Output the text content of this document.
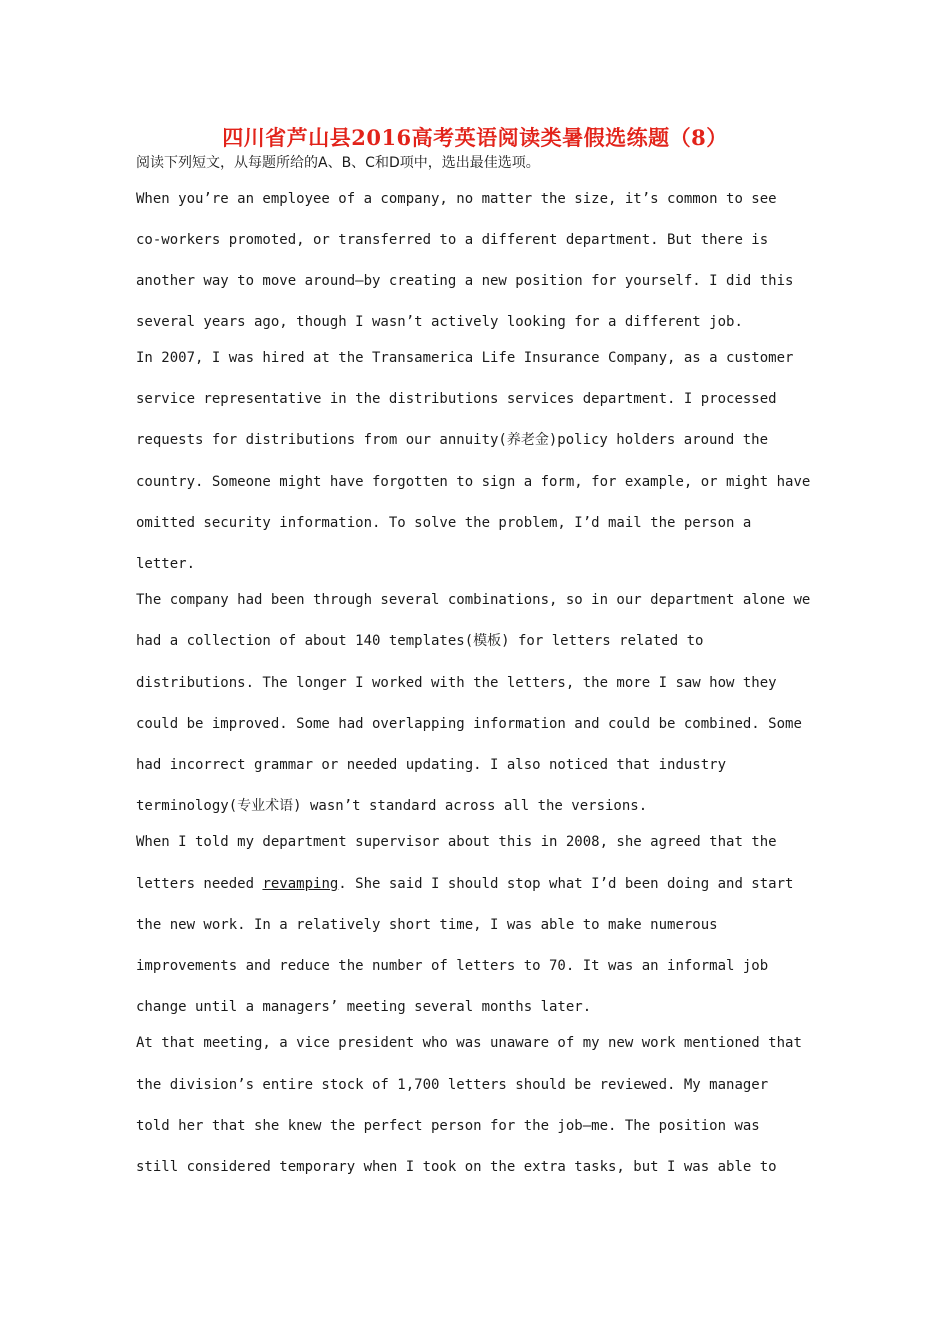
四川省芦山县2016高考英语阅读类暑假选练题（8）
阅读下列短文，从每题所给的A、B、C和D项中，选出最佳选项。
When you’re an employee of a company, no matter the size, it’s common to see
co-workers promoted, or transferred to a different department. But there is
another way to move around—by creating a new position for yourself. I did this
several years ago, though I wasn’t actively looking for a different job.
In 2007, I was hired at the Transamerica Life Insurance Company, as a customer
service representative in the distributions services department. I processed
requests for distributions from our annuity(养老金)policy holders around the
country. Someone might have forgotten to sign a form, for example, or might have
omitted security information. To solve the problem, I’d mail the person a
letter.
The company had been through several combinations, so in our department alone we
had a collection of about 140 templates(模板) for letters related to
distributions. The longer I worked with the letters, the more I saw how they
could be improved. Some had overlapping information and could be combined. Some
had incorrect grammar or needed updating. I also noticed that industry
terminology(专业术语) wasn’t standard across all the versions.
When I told my department supervisor about this in 2008, she agreed that the
letters needed revamping. She said I should stop what I’d been doing and start
the new work. In a relatively short time, I was able to make numerous
improvements and reduce the number of letters to 70. It was an informal job
change until a managers’ meeting several months later.
At that meeting, a vice president who was unaware of my new work mentioned that
the division’s entire stock of 1,700 letters should be reviewed. My manager
told her that she knew the perfect person for the job—me. The position was
still considered temporary when I took on the extra tasks, but I was able to
